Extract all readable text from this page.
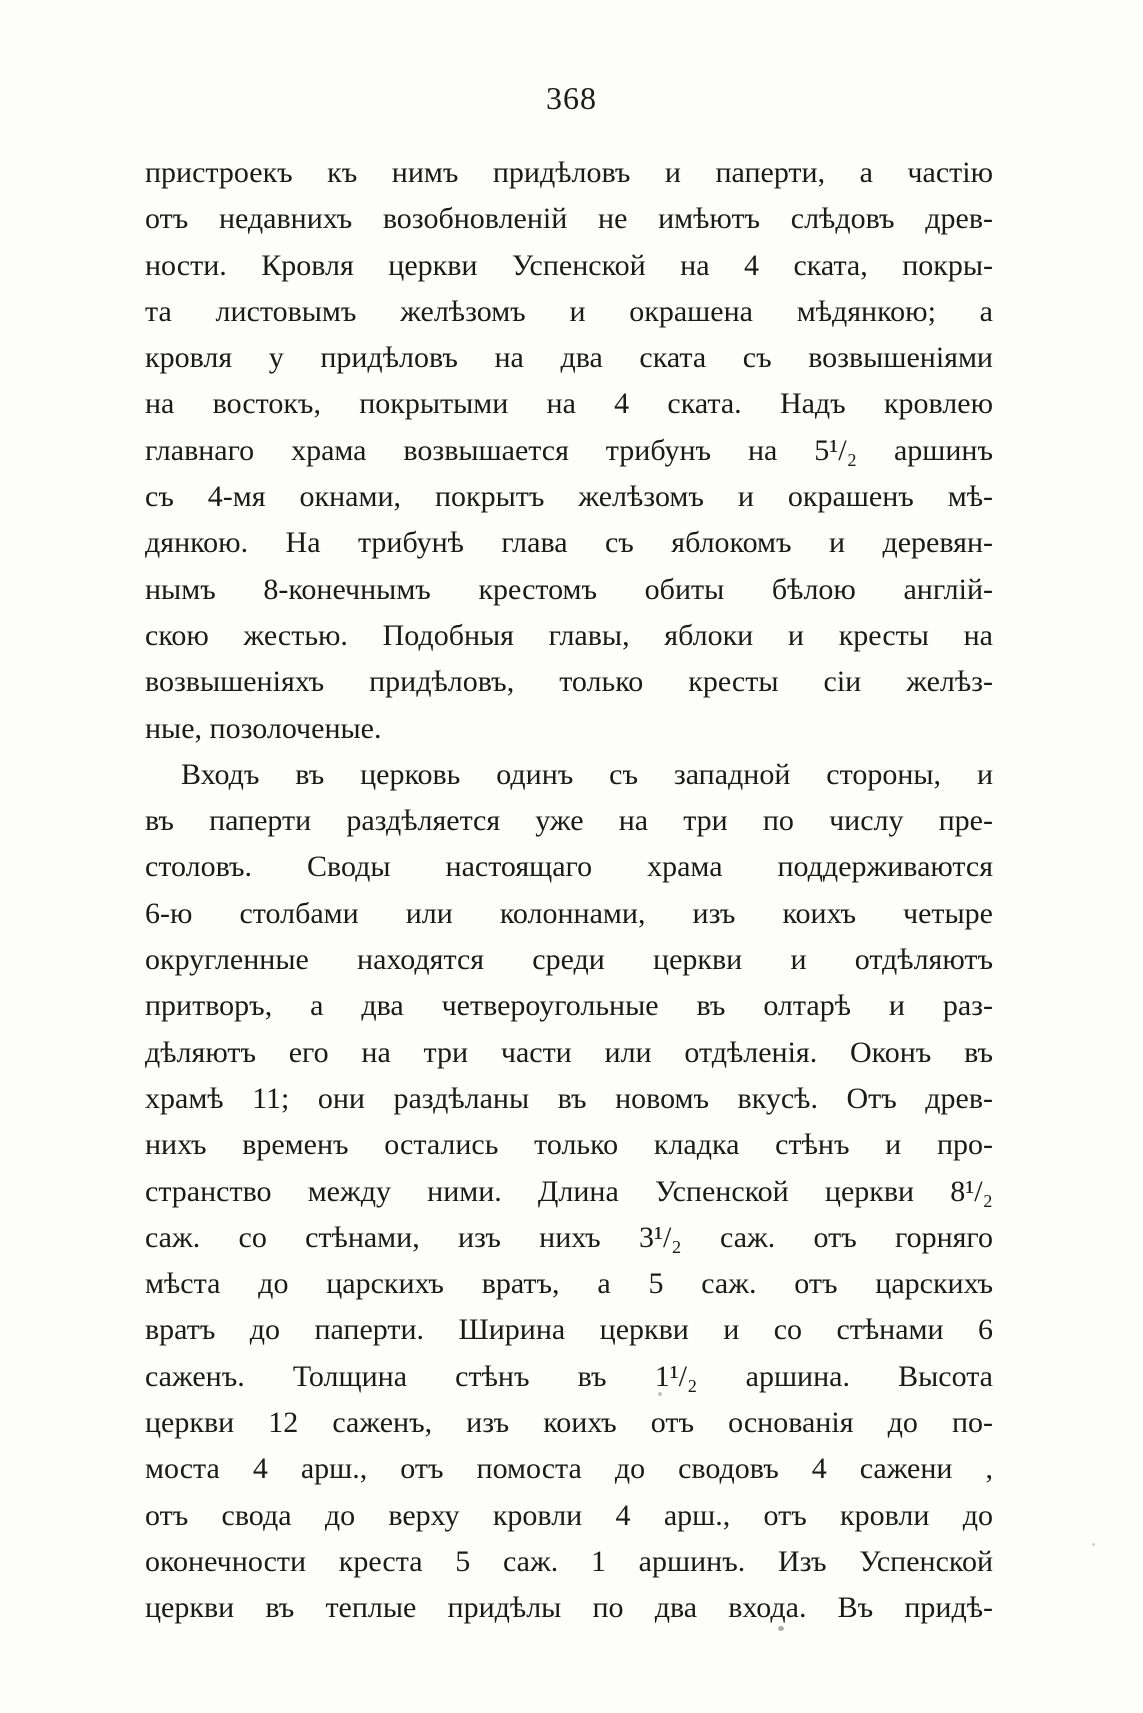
368
пристроекъ къ нимъ придѣловъ и паперти, а частію
отъ недавнихъ возобновленій не имѣютъ слѣдовъ древ-
ности. Кровля церкви Успенской на 4 ската, покры-
та листовымъ желѣзомъ и окрашена мѣдянкою; а
кровля у придѣловъ на два ската съ возвышеніями
на востокъ, покрытыми на 4 ската. Надъ кровлею
главнаго храма возвышается трибунъ на 5¹/₂ аршинъ
съ 4-мя окнами, покрытъ желѣзомъ и окрашенъ мѣ-
дянкою. На трибунѣ глава съ яблокомъ и деревян-
нымъ 8-конечнымъ крестомъ обиты бѣлою англій-
скою жестью. Подобныя главы, яблоки и кресты на
возвышеніяхъ придѣловъ, только кресты сіи желѣз-
ные, позолоченые.
Входъ въ церковь одинъ съ западной стороны, и
въ паперти раздѣляется уже на три по числу пре-
столовъ. Своды настоящаго храма поддерживаются
6-ю столбами или колоннами, изъ коихъ четыре
округленные находятся среди церкви и отдѣляютъ
притворъ, а два четвероугольные въ олтарѣ и раз-
дѣляютъ его на три части или отдѣленія. Оконъ въ
храмѣ 11; они раздѣланы въ новомъ вкусѣ. Отъ древ-
нихъ временъ остались только кладка стѣнъ и про-
странство между ними. Длина Успенской церкви 8¹/₂
саж. со стѣнами, изъ нихъ 3¹/₂ саж. отъ горняго
мѣста до царскихъ вратъ, а 5 саж. отъ царскихъ
вратъ до паперти. Ширина церкви и со стѣнами 6
саженъ. Толщина стѣнъ въ 1¹/₂ аршина. Высота
церкви 12 саженъ, изъ коихъ отъ основанія до по-
моста 4 арш., отъ помоста до сводовъ 4 сажени ,
отъ свода до верху кровли 4 арш., отъ кровли до
оконечности креста 5 саж. 1 аршинъ. Изъ Успенской
церкви въ теплые придѣлы по два входа. Въ придѣ-
